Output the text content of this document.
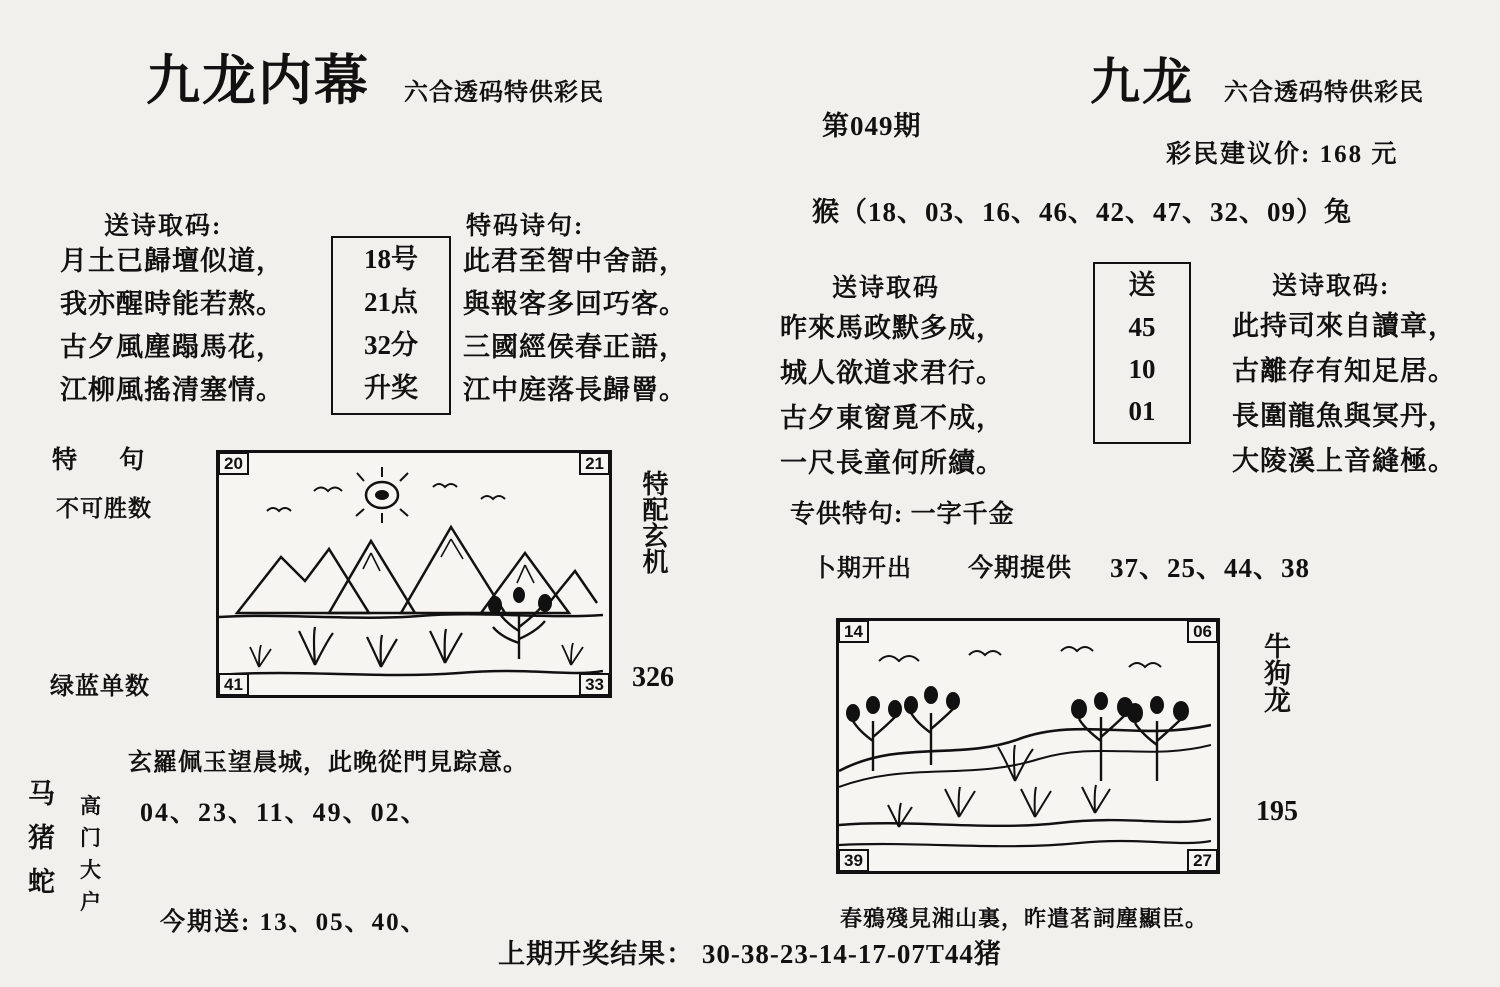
九龙内幕 六合透码特供彩民
送诗取码:
月土已歸壇似道，
我亦醒時能若熬。
古夕風塵蹋馬花，
江柳風搖清塞情。
18号
21点
32分
升奖
特码诗句:
此君至智中舍語，
與報客多回巧客。
三國經侯春正語，
江中庭落長歸罾。
特 句
不可胜数
绿蓝单数
20	21
41	33
特配玄机
326
玄羅佩玉望晨城，此晚從門見踪意。
马
猪
蛇
高门大户
04、23、11、49、02、
今期送: 13、05、40、
九龙 六合透码特供彩民
第049期
彩民建议价: 168 元
猴（18、03、16、46、42、47、32、09）兔
送诗取码
昨來馬政默多成，
城人欲道求君行。
古夕東窗覓不成，
一尺長童何所續。
送
45
10
01
送诗取码:
此持司來自讀章，
古離存有知足居。
長圍龍魚與冥丹，
大陵溪上音縫極。
专供特句: 一字千金
卜期开出 今期提供 37、25、44、38
14	06
39	27
牛狗龙
195
春鴉殘見湘山裏，昨遣茗詞塵顯臣。
上期开奖结果： 30-38-23-14-17-07T44猪
